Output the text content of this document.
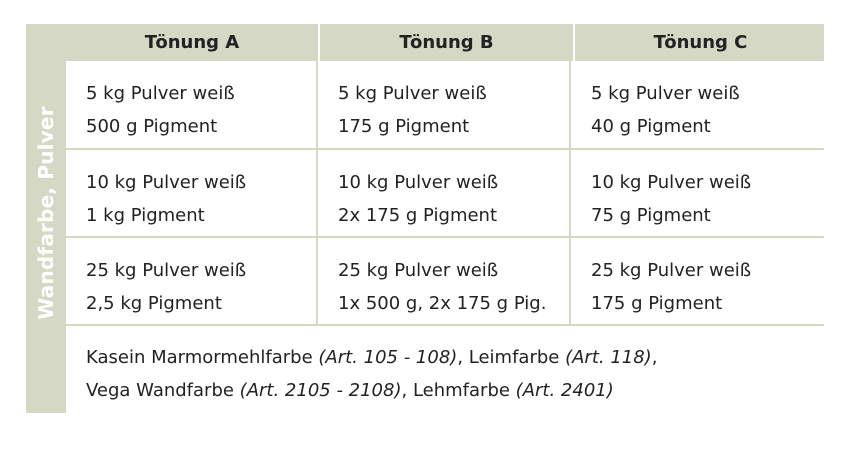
Wandfarbe, Pulver
Tönung A	Tönung B	Tönung C
5 kg Pulver weiß
500 g Pigment
5 kg Pulver weiß
175 g Pigment
5 kg Pulver weiß
40 g Pigment
10 kg Pulver weiß
1 kg Pigment
10 kg Pulver weiß
2x 175 g Pigment
10 kg Pulver weiß
75 g Pigment
25 kg Pulver weiß
2,5 kg Pigment
25 kg Pulver weiß
1x 500 g, 2x 175 g Pig.
25 kg Pulver weiß
175 g Pigment
Kasein Marmormehlfarbe (Art. 105 - 108), Leimfarbe (Art. 118),
Vega Wandfarbe (Art. 2105 - 2108), Lehmfarbe (Art. 2401)
